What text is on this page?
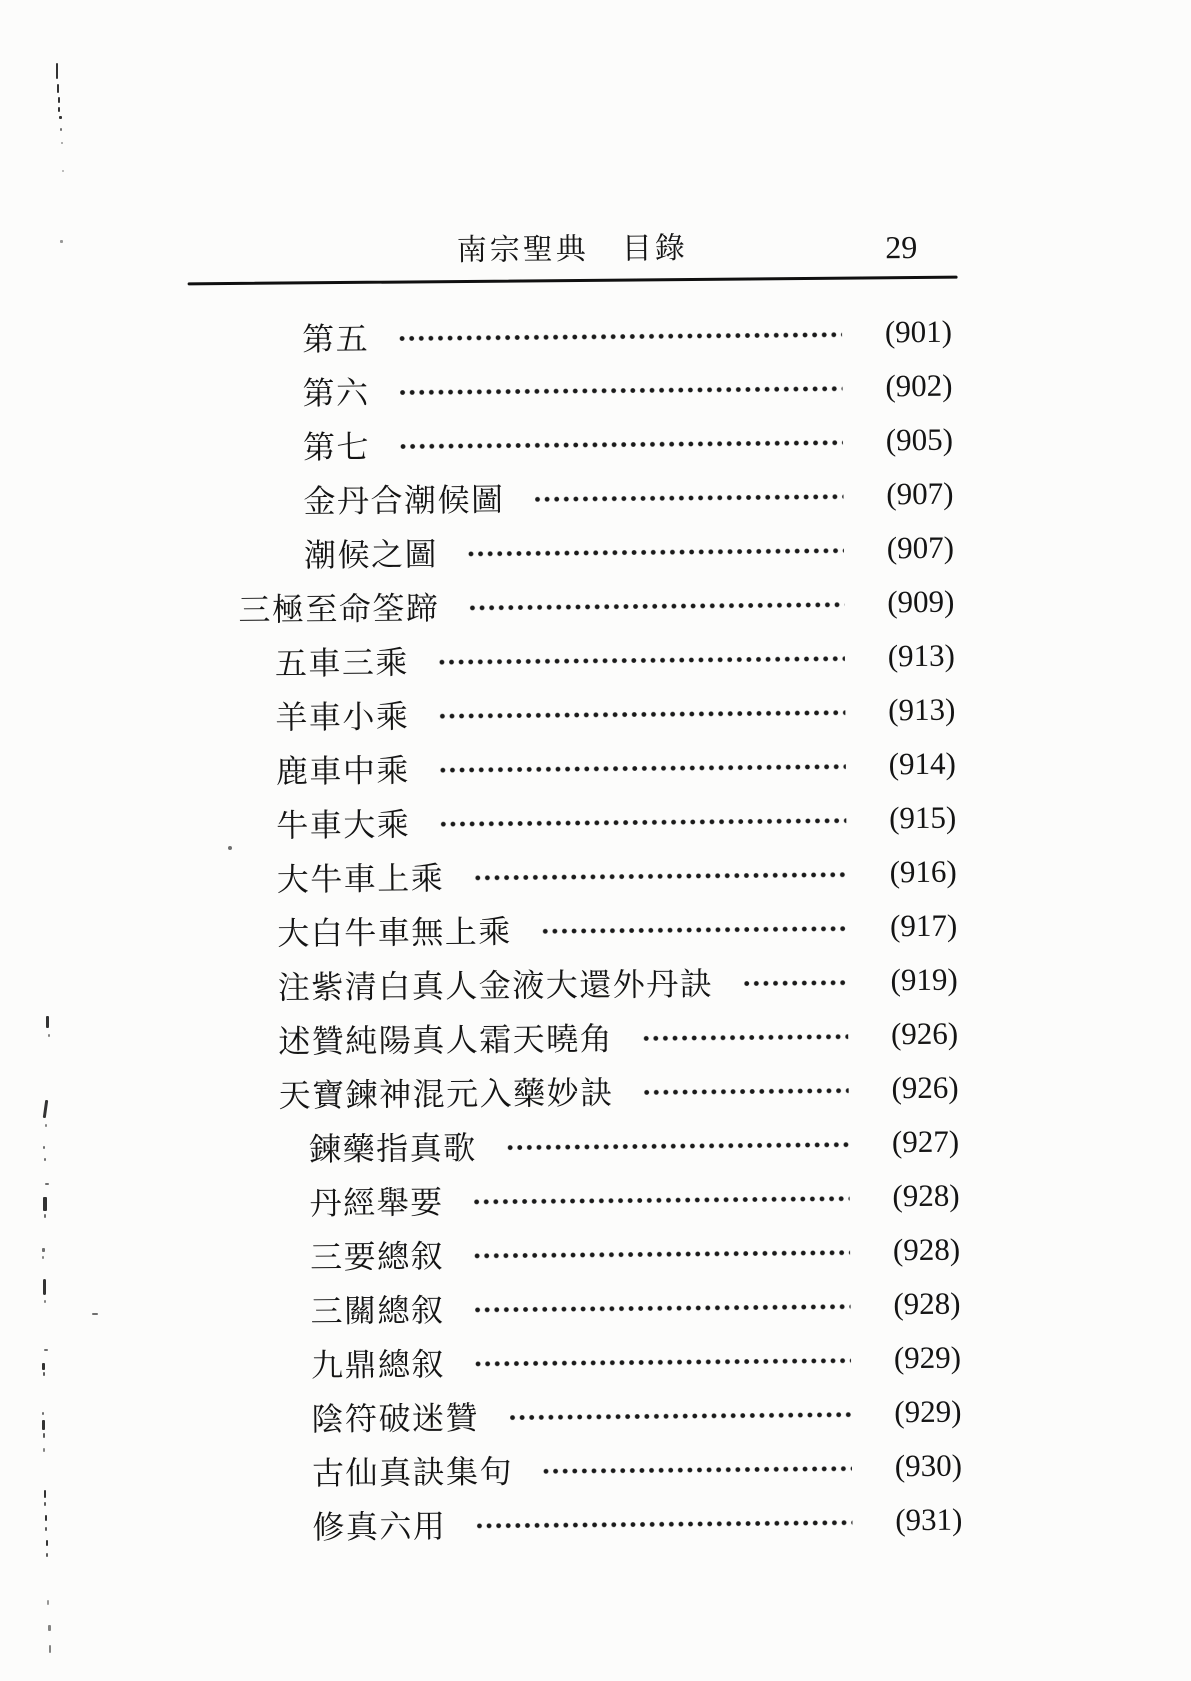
南宗聖典　目錄	29
第五	(901)
第六	(902)
第七	(905)
金丹合潮候圖	(907)
潮候之圖	(907)
三極至命筌蹄	(909)
五車三乘	(913)
羊車小乘	(913)
鹿車中乘	(914)
牛車大乘	(915)
大牛車上乘	(916)
大白牛車無上乘	(917)
注紫清白真人金液大還外丹訣	(919)
述贊純陽真人霜天曉角	(926)
天寶鍊神混元入藥妙訣	(926)
鍊藥指真歌	(927)
丹經舉要	(928)
三要總叙	(928)
三關總叙	(928)
九鼎總叙	(929)
陰符破迷贊	(929)
古仙真訣集句	(930)
修真六用	(931)
